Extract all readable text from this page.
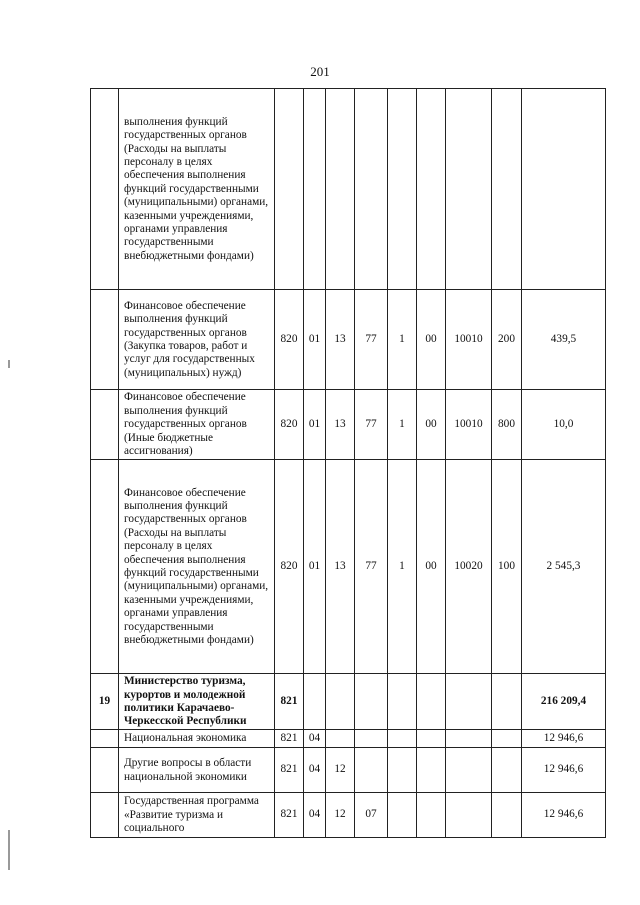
201
	выполнения функций государственных органов (Расходы на выплаты персоналу в целях обеспечения выполнения функций государственными (муниципальными) органами, казенными учреждениями, органами управления государственными внебюджетными фондами)									
	Финансовое обеспечение выполнения функций государственных органов (Закупка товаров, работ и услуг для государственных (муниципальных) нужд)	820	01	13	77	1	00	10010	200	439,5
	Финансовое обеспечение выполнения функций государственных органов (Иные бюджетные ассигнования)	820	01	13	77	1	00	10010	800	10,0
	Финансовое обеспечение выполнения функций государственных органов (Расходы на выплаты персоналу в целях обеспечения выполнения функций государственными (муниципальными) органами, казенными учреждениями, органами управления государственными внебюджетными фондами)	820	01	13	77	1	00	10020	100	2 545,3
19	Министерство туризма, курортов и молодежной политики Карачаево-Черкесской Республики	821								216 209,4
	Национальная экономика	821	04							12 946,6
	Другие вопросы в области национальной экономики	821	04	12						12 946,6
	Государственная программа «Развитие туризма и социального	821	04	12	07					12 946,6
